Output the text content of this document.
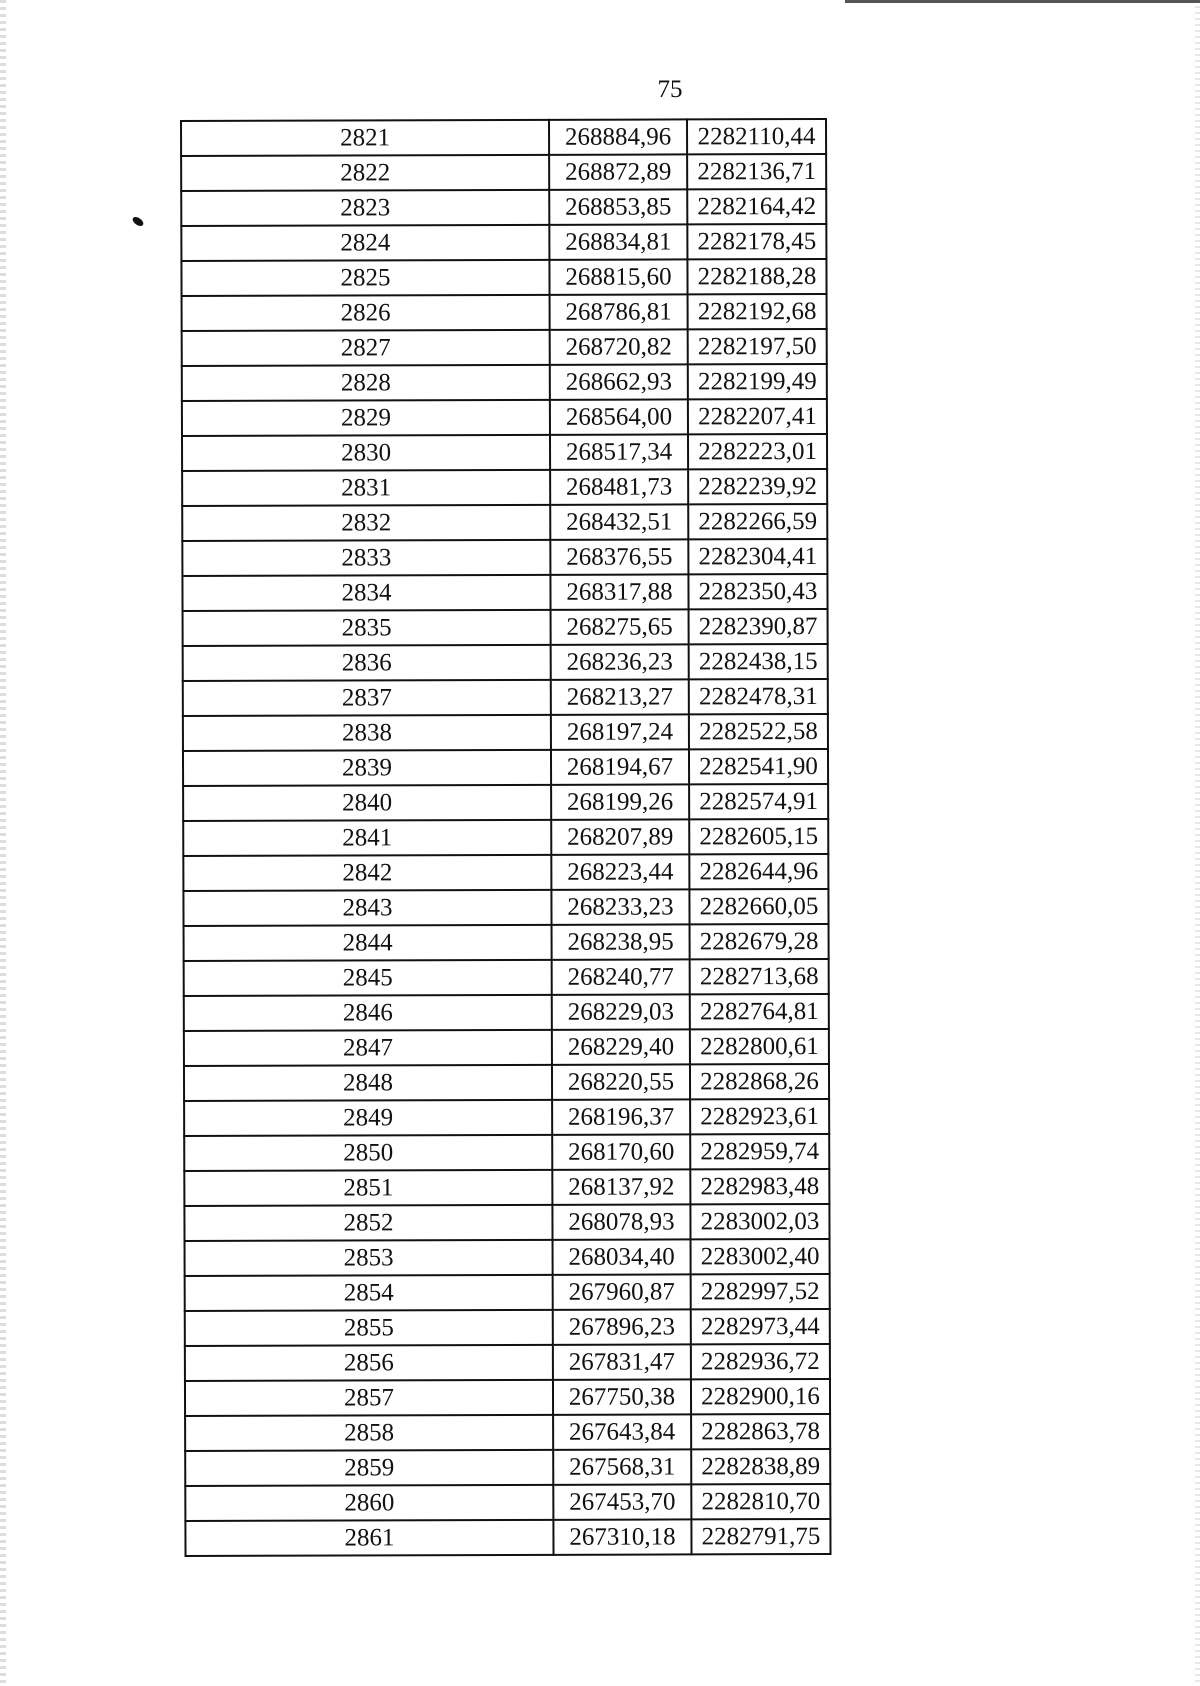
75
2821	268884,96	2282110,44
2822	268872,89	2282136,71
2823	268853,85	2282164,42
2824	268834,81	2282178,45
2825	268815,60	2282188,28
2826	268786,81	2282192,68
2827	268720,82	2282197,50
2828	268662,93	2282199,49
2829	268564,00	2282207,41
2830	268517,34	2282223,01
2831	268481,73	2282239,92
2832	268432,51	2282266,59
2833	268376,55	2282304,41
2834	268317,88	2282350,43
2835	268275,65	2282390,87
2836	268236,23	2282438,15
2837	268213,27	2282478,31
2838	268197,24	2282522,58
2839	268194,67	2282541,90
2840	268199,26	2282574,91
2841	268207,89	2282605,15
2842	268223,44	2282644,96
2843	268233,23	2282660,05
2844	268238,95	2282679,28
2845	268240,77	2282713,68
2846	268229,03	2282764,81
2847	268229,40	2282800,61
2848	268220,55	2282868,26
2849	268196,37	2282923,61
2850	268170,60	2282959,74
2851	268137,92	2282983,48
2852	268078,93	2283002,03
2853	268034,40	2283002,40
2854	267960,87	2282997,52
2855	267896,23	2282973,44
2856	267831,47	2282936,72
2857	267750,38	2282900,16
2858	267643,84	2282863,78
2859	267568,31	2282838,89
2860	267453,70	2282810,70
2861	267310,18	2282791,75
